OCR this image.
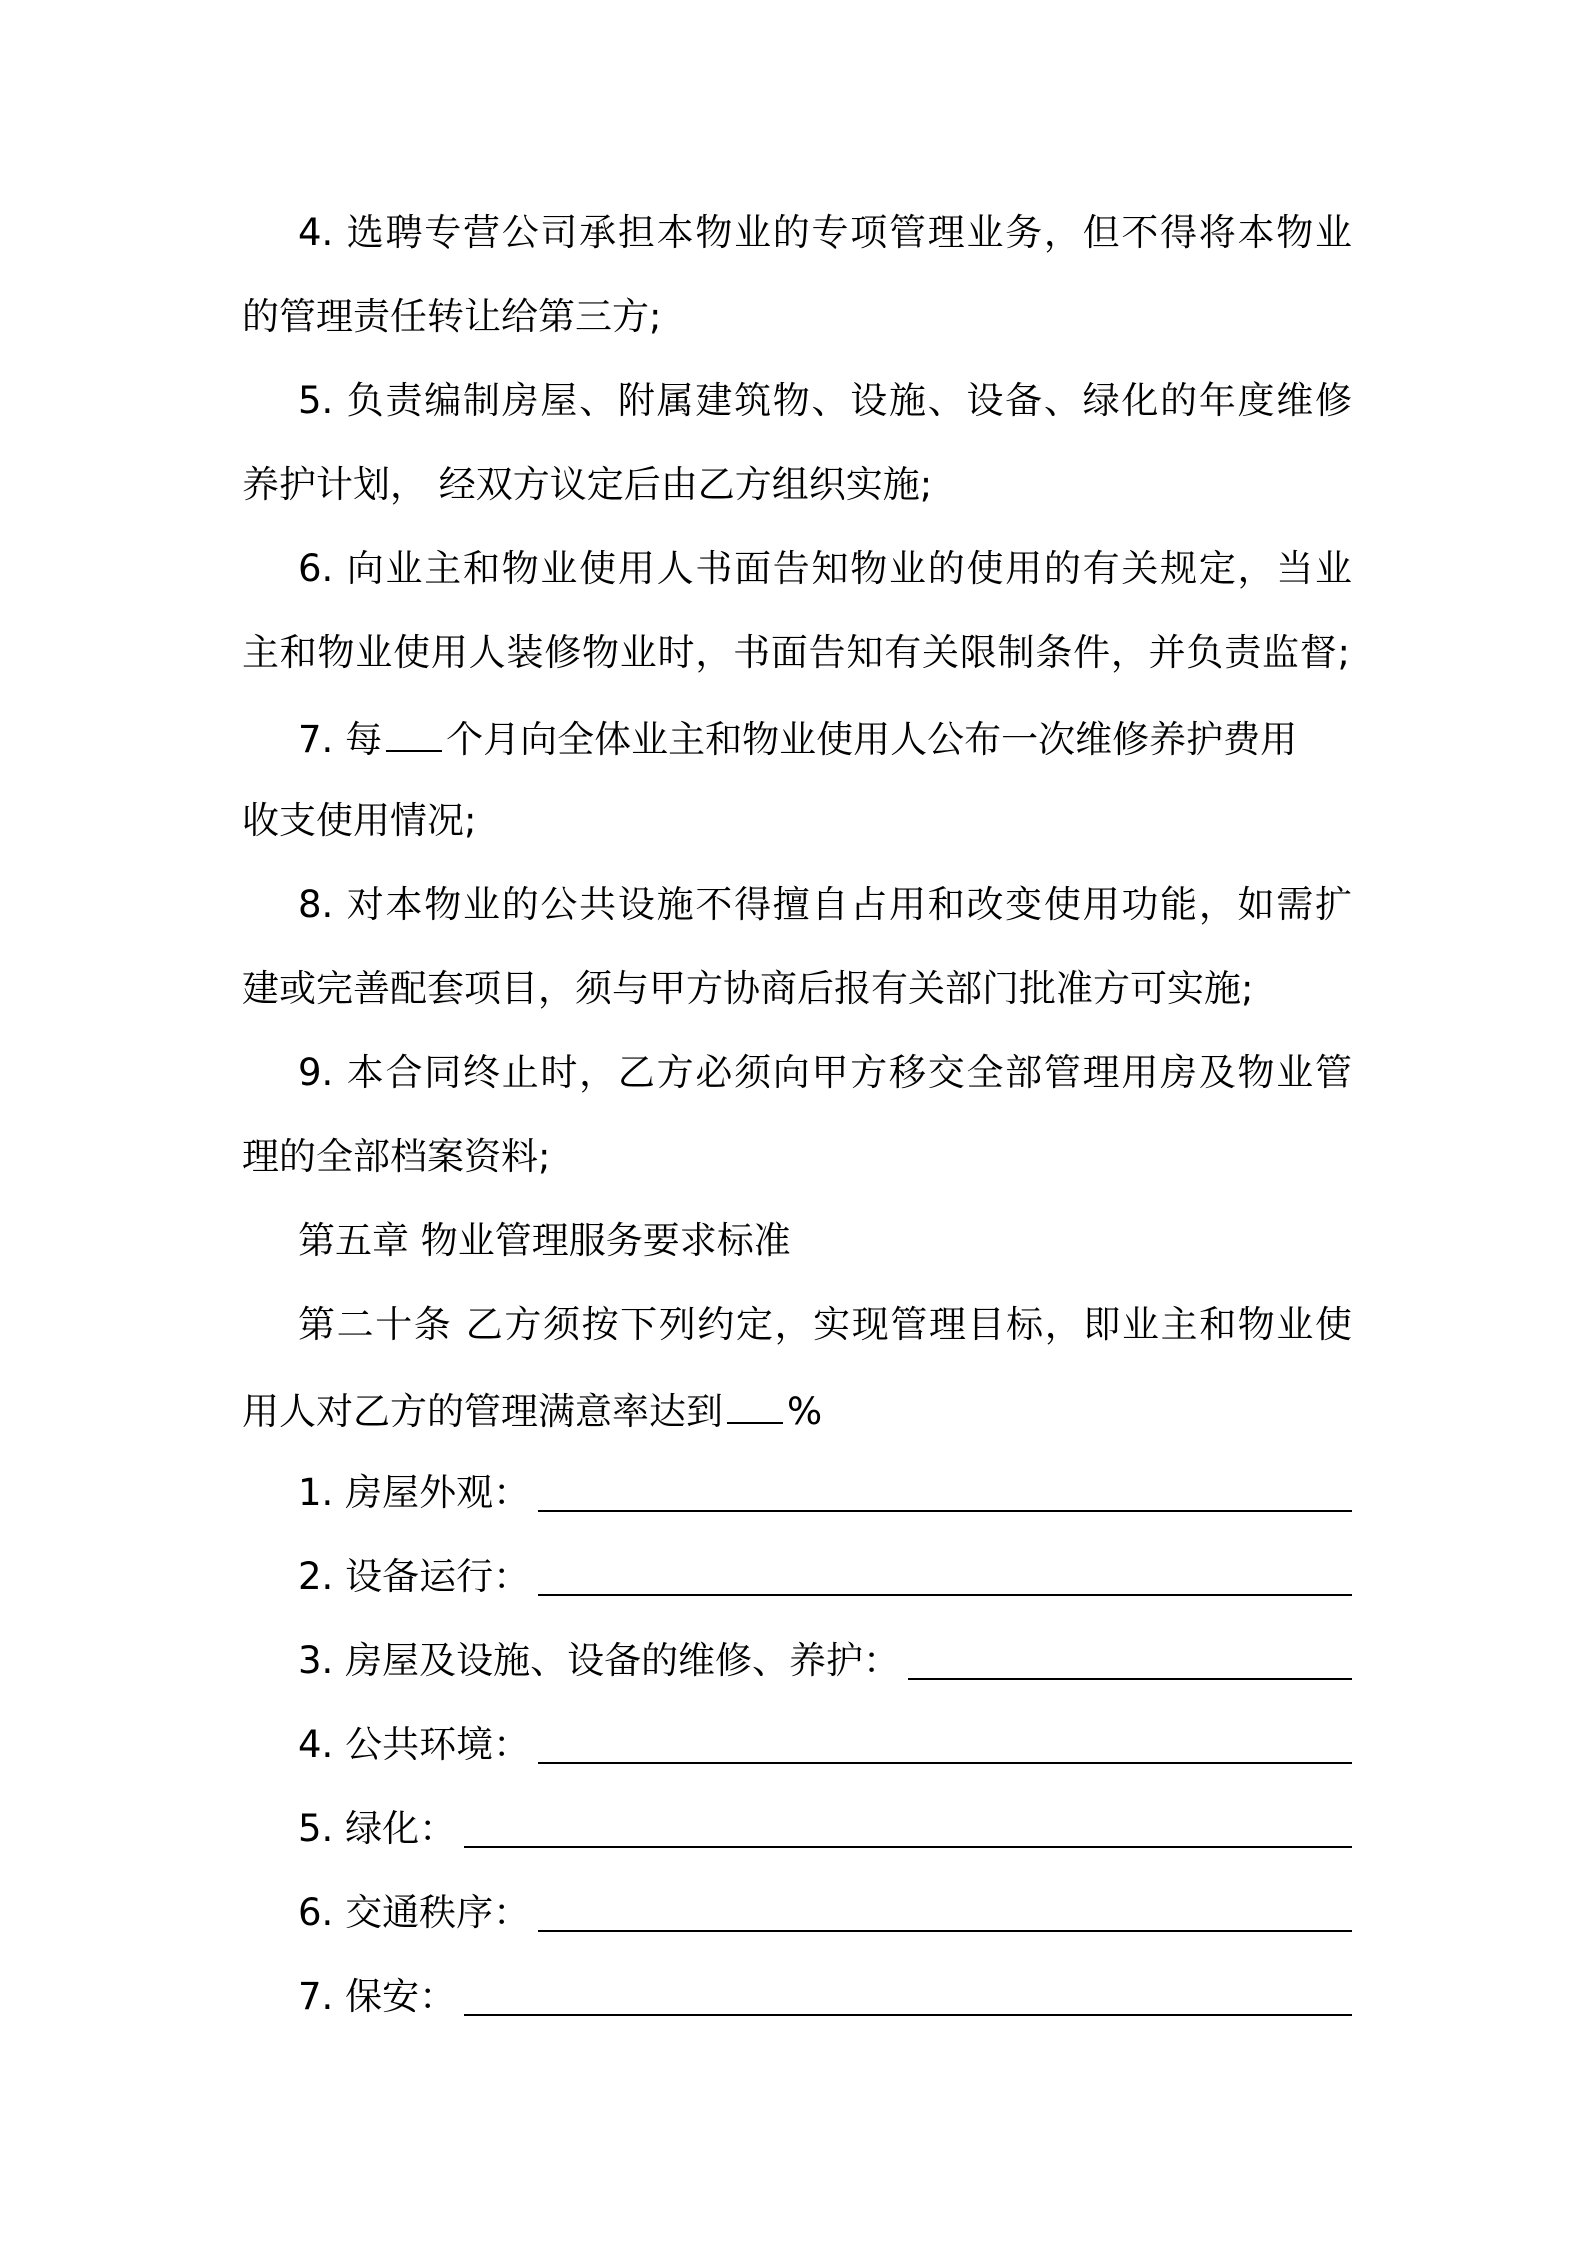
4. 选聘专营公司承担本物业的专项管理业务，但不得将本物业
的管理责任转让给第三方;
5. 负责编制房屋、附属建筑物、设施、设备、绿化的年度维修
养护计划， 经双方议定后由乙方组织实施;
6. 向业主和物业使用人书面告知物业的使用的有关规定，当业
主和物业使用人装修物业时，书面告知有关限制条件，并负责监督;
7. 每 个月向全体业主和物业使用人公布一次维修养护费用
收支使用情况;
8. 对本物业的公共设施不得擅自占用和改变使用功能，如需扩
建或完善配套项目，须与甲方协商后报有关部门批准方可实施;
9. 本合同终止时，乙方必须向甲方移交全部管理用房及物业管
理的全部档案资料;
第五章 物业管理服务要求标准
第二十条 乙方须按下列约定，实现管理目标，即业主和物业使
用人对乙方的管理满意率达到 %
1. 房屋外观：
2. 设备运行：
3. 房屋及设施、设备的维修、养护：
4. 公共环境：
5. 绿化：
6. 交通秩序：
7. 保安：
